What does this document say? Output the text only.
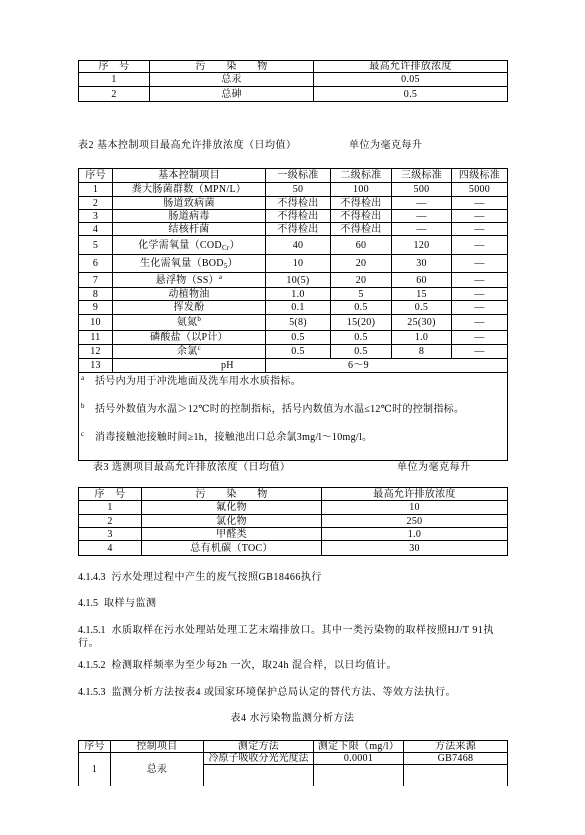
序　号	污　　染　　物	最高允许排放浓度
1	总汞	0.05
2	总砷	0.5
表2 基本控制项目最高允许排放浓度（日均值）	单位为毫克每升
序号	基本控制项目	一级标准	二级标准	三级标准	四级标准
1	粪大肠菌群数（MPN/L）	50	100	500	5000
2	肠道致病菌	不得检出	不得检出	—	—
3	肠道病毒	不得检出	不得检出	—	—
4	结核杆菌	不得检出	不得检出	—	—
5	化学需氧量$(COD_{Cr})$	40	60	120	—
6	生化需氧量$(BOD_5)$	10	20	30	—
7	悬浮物（SS）$^a$	10(5)	20	60	—
8	动植物油	1.0	5	15	—
9	挥发酚	0.1	0.5	0.5	—
10	氨氮$^b$	5(8)	15(20)	25(30)	—
11	磷酸盐（以P计）	0.5	0.5	1.0	—
12	余氯$^c$	0.5	0.5	8	—
13	pH	6～9			

a 括号内为用于冲洗地面及洗车用水水质指标。
b 括号外数值为水温＞12℃时的控制指标，括号内数值为水温≤12℃时的控制指标。
c 消毒接触池接触时间≥1h，接触池出口总余氯3mg/l～10mg/l。					
表3 选测项目最高允许排放浓度（日均值）	单位为毫克每升
序　号	污　　染　　物	最高允许排放浓度
1	氟化物	10
2	氯化物	250
3	甲醛类	1.0
4	总有机碳（TOC）	30
4.1.4.3 污水处理过程中产生的废气按照GB18466执行
4.1.5 取样与监测
4.1.5.1 水质取样在污水处理站处理工艺末端排放口。其中一类污染物的取样按照HJ/T 91执行。
4.1.5.2 检测取样频率为至少每2h 一次，取24h 混合样，以日均值计。
4.1.5.3 监测分析方法按表4 或国家环境保护总局认定的替代方法、等效方法执行。
表4 水污染物监测分析方法
序号	控制项目	测定方法	测定下限（mg/l）	方法来源
1	总汞	冷原子吸收分光光度法	0.0001	GB7468
